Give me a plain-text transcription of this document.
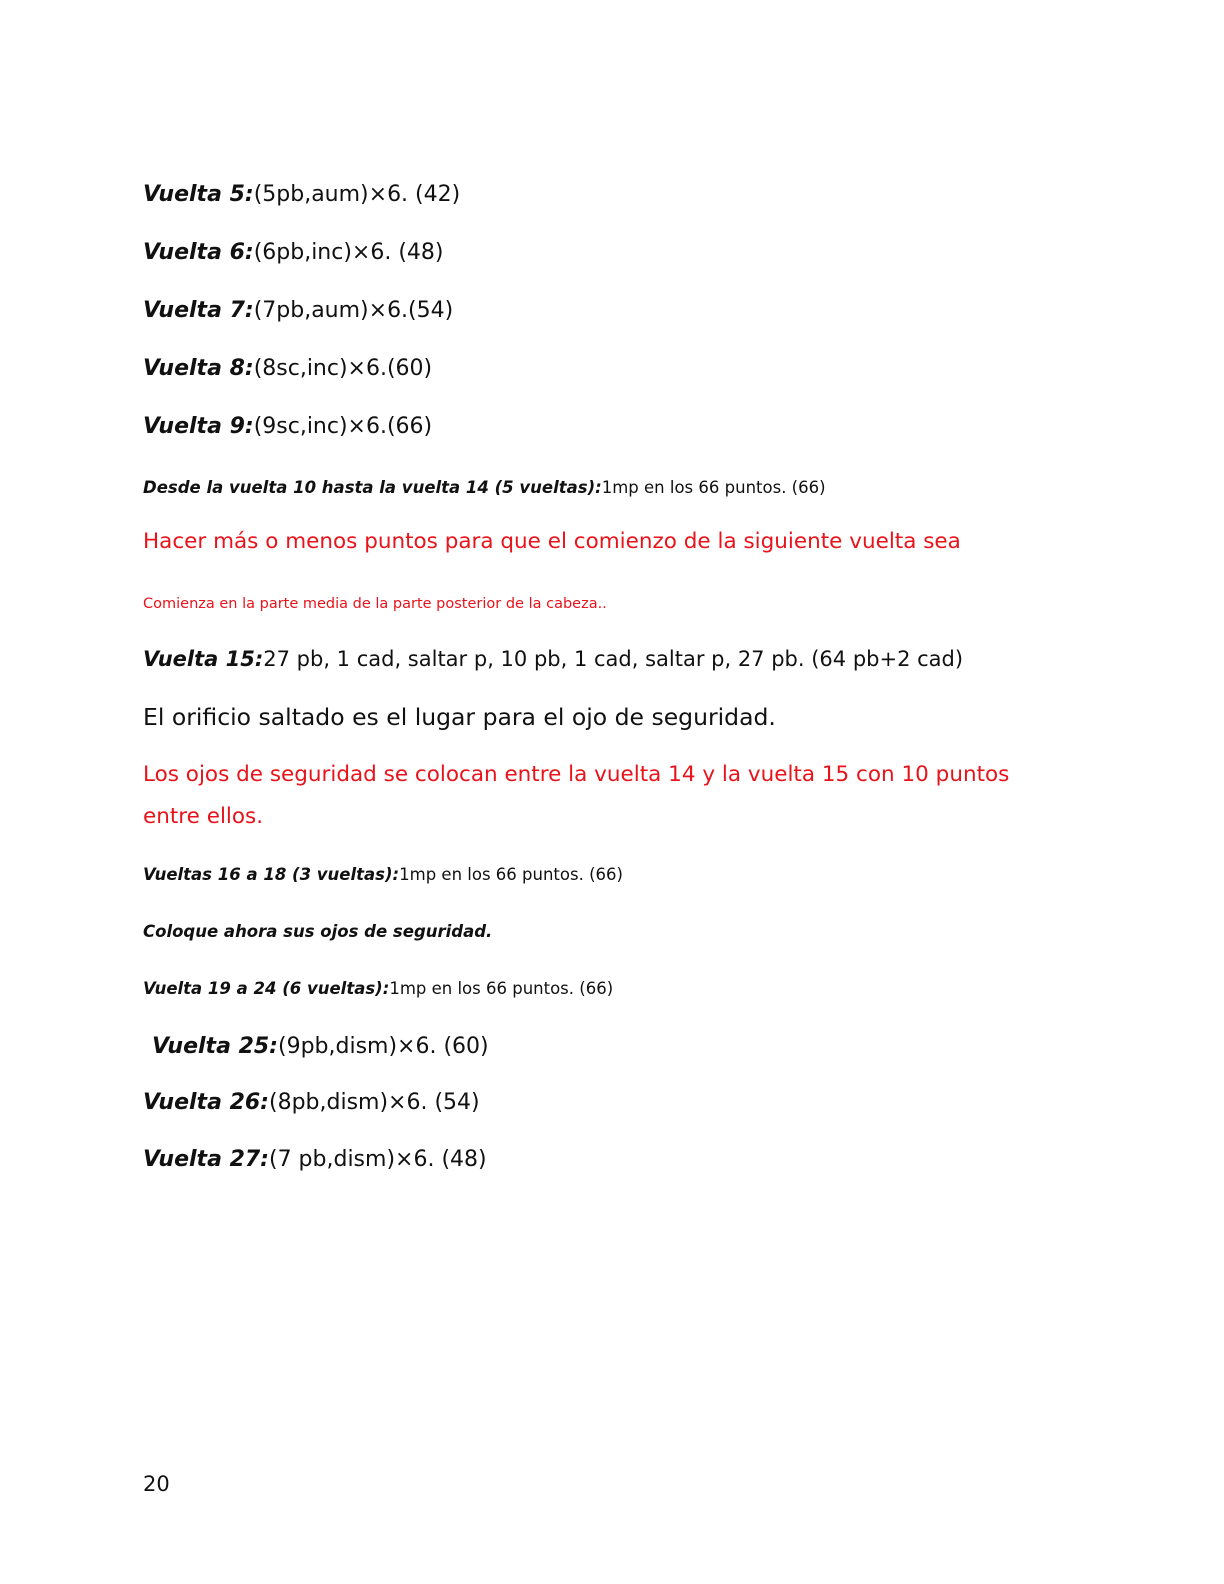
Vuelta 5:(5pb,aum)×6. (42)
Vuelta 6:(6pb,inc)×6. (48)
Vuelta 7:(7pb,aum)×6.(54)
Vuelta 8:(8sc,inc)×6.(60)
Vuelta 9:(9sc,inc)×6.(66)
Desde la vuelta 10 hasta la vuelta 14 (5 vueltas):1mp en los 66 puntos. (66)
Hacer más o menos puntos para que el comienzo de la siguiente vuelta sea
Comienza en la parte media de la parte posterior de la cabeza..
Vuelta 15:27 pb, 1 cad, saltar p, 10 pb, 1 cad, saltar p, 27 pb. (64 pb+2 cad)
El orificio saltado es el lugar para el ojo de seguridad.
Los ojos de seguridad se colocan entre la vuelta 14 y la vuelta 15 con 10 puntos
entre ellos.
Vueltas 16 a 18 (3 vueltas):1mp en los 66 puntos. (66)
Coloque ahora sus ojos de seguridad.
Vuelta 19 a 24 (6 vueltas):1mp en los 66 puntos. (66)
Vuelta 25:(9pb,dism)×6. (60)
Vuelta 26:(8pb,dism)×6. (54)
Vuelta 27:(7 pb,dism)×6. (48)
20
